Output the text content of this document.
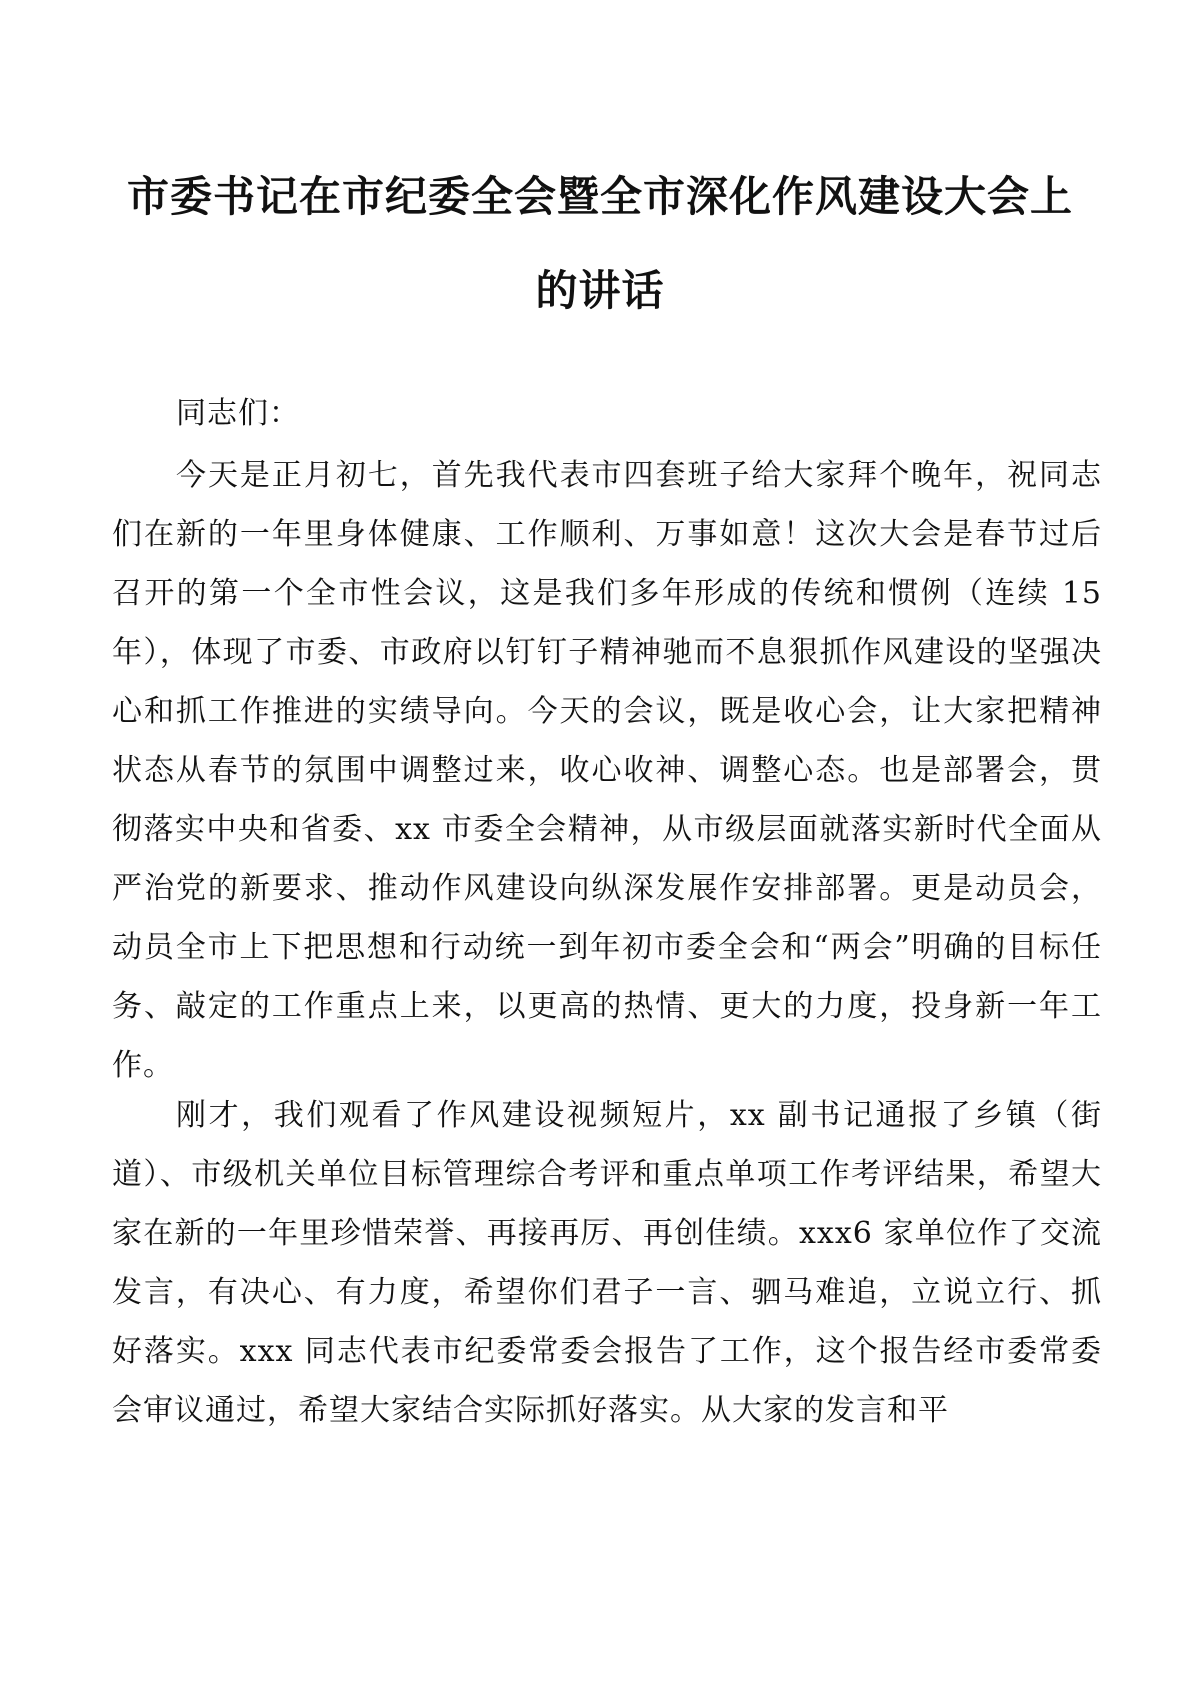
市委书记在市纪委全会暨全市深化作风建设大会上
的讲话

同志们：

今天是正月初七，首先我代表市四套班子给大家拜个晚年，祝同志们在新的一年里身体健康、工作顺利、万事如意！这次大会是春节过后召开的第一个全市性会议，这是我们多年形成的传统和惯例（连续 15 年），体现了市委、市政府以钉钉子精神驰而不息狠抓作风建设的坚强决心和抓工作推进的实绩导向。今天的会议，既是收心会，让大家把精神状态从春节的氛围中调整过来，收心收神、调整心态。也是部署会，贯彻落实中央和省委、xx 市委全会精神，从市级层面就落实新时代全面从严治党的新要求、推动作风建设向纵深发展作安排部署。更是动员会，动员全市上下把思想和行动统一到年初市委全会和“两会”明确的目标任务、敲定的工作重点上来，以更高的热情、更大的力度，投身新一年工作。

刚才，我们观看了作风建设视频短片，xx 副书记通报了乡镇（街道）、市级机关单位目标管理综合考评和重点单项工作考评结果，希望大家在新的一年里珍惜荣誉、再接再厉、再创佳绩。xxx6 家单位作了交流发言，有决心、有力度，希望你们君子一言、驷马难追，立说立行、抓好落实。xxx 同志代表市纪委常委会报告了工作，这个报告经市委常委会审议通过，希望大家结合实际抓好落实。从大家的发言和平
